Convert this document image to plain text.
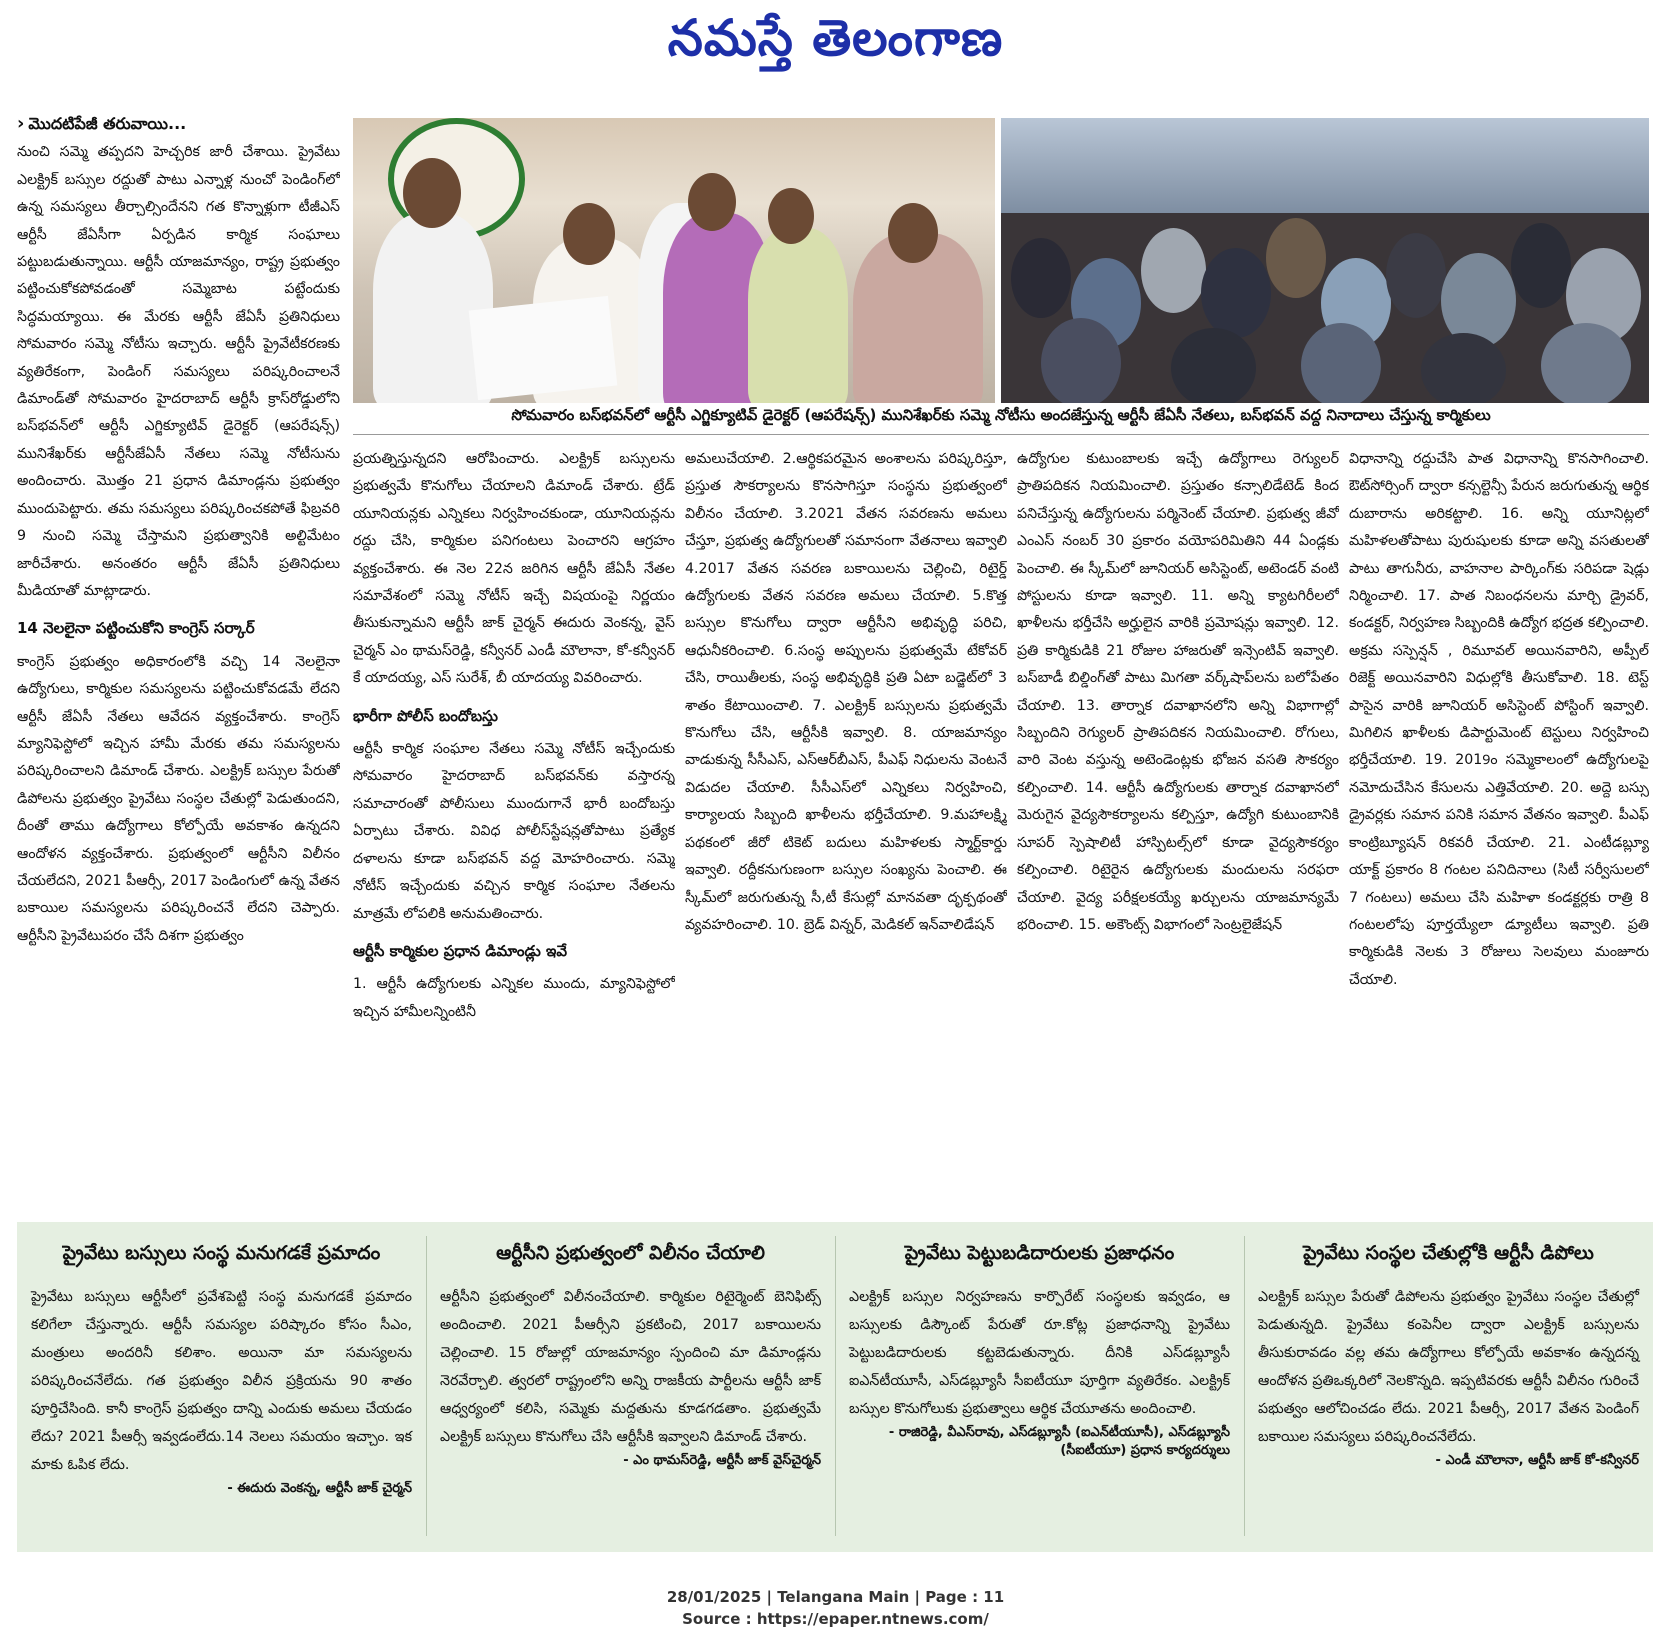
నమస్తే తెలంగాణ
› మొదటిపేజీ తరువాయి...

నుంచి సమ్మె తప్పదని హెచ్చరిక జారీ చేశాయి. ప్రైవేటు ఎలక్ట్రిక్ బస్సుల రద్దుతో పాటు ఎన్నాళ్ల నుంచో పెండింగ్‌లో ఉన్న సమస్యలు తీర్చాల్సిందేనని గత కొన్నాళ్లుగా టీజీఎస్ ఆర్టీసీ జేఏసీగా ఏర్పడిన కార్మిక సంఘాలు పట్టుబడుతున్నాయి. ఆర్టీసీ యాజమాన్యం, రాష్ట్ర ప్రభుత్వం పట్టించుకోకపోవడంతో సమ్మెబాట పట్టేందుకు సిద్ధమయ్యాయి. ఈ మేరకు ఆర్టీసీ జేఏసీ ప్రతినిధులు సోమవారం సమ్మె నోటీసు ఇచ్చారు. ఆర్టీసీ ప్రైవేటీకరణకు వ్యతిరేకంగా, పెండింగ్ సమస్యలు పరిష్కరించాలనే డిమాండ్‌తో సోమవారం హైదరాబాద్ ఆర్టీసీ క్రాస్‌రోడ్డులోని బస్‌భవన్‌లో ఆర్టీసీ ఎగ్జిక్యూటివ్ డైరెక్టర్ (ఆపరేషన్స్) మునిశేఖర్‌కు ఆర్టీసీజేఏసీ నేతలు సమ్మె నోటీసును అందించారు. మొత్తం 21 ప్రధాన డిమాండ్లను ప్రభుత్వం ముందుపెట్టారు. తమ సమస్యలు పరిష్కరించకపోతే ఫిబ్రవరి 9 నుంచి సమ్మె చేస్తామని ప్రభుత్వానికి అల్టిమేటం జారీచేశారు. అనంతరం ఆర్టీసీ జేఏసీ ప్రతినిధులు మీడియాతో మాట్లాడారు.

14 నెలలైనా పట్టించుకోని కాంగ్రెస్ సర్కార్

కాంగ్రెస్ ప్రభుత్వం అధికారంలోకి వచ్చి 14 నెలలైనా ఉద్యోగులు, కార్మికుల సమస్యలను పట్టించుకోవడమే లేదని ఆర్టీసీ జేఏసీ నేతలు ఆవేదన వ్యక్తంచేశారు. కాంగ్రెస్ మ్యానిఫెస్టోలో ఇచ్చిన హామీ మేరకు తమ సమస్యలను పరిష్కరించాలని డిమాండ్ చేశారు. ఎలక్ట్రిక్ బస్సుల పేరుతో డిపోలను ప్రభుత్వం ప్రైవేటు సంస్థల చేతుల్లో పెడుతుందని, దీంతో తాము ఉద్యోగాలు కోల్పోయే అవకాశం ఉన్నదని ఆందోళన వ్యక్తంచేశారు. ప్రభుత్వంలో ఆర్టీసీని విలీనం చేయలేదని, 2021 పీఆర్సీ, 2017 పెండింగులో ఉన్న వేతన బకాయిల సమస్యలను పరిష్కరించనే లేదని చెప్పారు. ఆర్టీసీని ప్రైవేటుపరం చేసే దిశగా ప్రభుత్వం

సోమవారం బస్‌భవన్‌లో ఆర్టీసీ ఎగ్జిక్యూటివ్ డైరెక్టర్ (ఆపరేషన్స్) మునిశేఖర్‌కు సమ్మె నోటీసు అందజేస్తున్న ఆర్టీసీ జేఏసీ నేతలు, బస్‌భవన్ వద్ద నినాదాలు చేస్తున్న కార్మికులు

ప్రయత్నిస్తున్నదని ఆరోపించారు. ఎలక్ట్రిక్ బస్సులను ప్రభుత్వమే కొనుగోలు చేయాలని డిమాండ్ చేశారు. ట్రేడ్ యూనియన్లకు ఎన్నికలు నిర్వహించకుండా, యూనియన్లను రద్దు చేసి, కార్మికుల పనిగంటలు పెంచారని ఆగ్రహం వ్యక్తంచేశారు. ఈ నెల 22న జరిగిన ఆర్టీసీ జేఏసీ నేతల సమావేశంలో సమ్మె నోటీస్ ఇచ్చే విషయంపై నిర్ణయం తీసుకున్నామని ఆర్టీసీ జాక్ చైర్మన్ ఈదురు వెంకన్న, వైస్ చైర్మన్ ఎం థామస్‌రెడ్డి, కన్వీనర్ ఎండీ మౌలానా, కో-కన్వీనర్ కే యాదయ్య, ఎస్ సురేశ్, బీ యాదయ్య వివరించారు.

భారీగా పోలీస్ బందోబస్తు

ఆర్టీసీ కార్మిక సంఘాల నేతలు సమ్మె నోటీస్ ఇచ్చేందుకు సోమవారం హైదరాబాద్ బస్‌భవన్‌కు వస్తారన్న సమాచారంతో పోలీసులు ముందుగానే భారీ బందోబస్తు ఏర్పాటు చేశారు. వివిధ పోలీస్‌స్టేషన్లతోపాటు ప్రత్యేక దళాలను కూడా బస్‌భవన్ వద్ద మోహరించారు. సమ్మె నోటీస్ ఇచ్చేందుకు వచ్చిన కార్మిక సంఘాల నేతలను మాత్రమే లోపలికి అనుమతించారు.

ఆర్టీసీ కార్మికుల ప్రధాన డిమాండ్లు ఇవే

1. ఆర్టీసీ ఉద్యోగులకు ఎన్నికల ముందు, మ్యానిఫెస్టోలో ఇచ్చిన హామీలన్నింటినీ

అమలుచేయాలి. 2.ఆర్థికపరమైన అంశాలను పరిష్కరిస్తూ, ప్రస్తుత సౌకర్యాలను కొనసాగిస్తూ సంస్థను ప్రభుత్వంలో విలీనం చేయాలి. 3.2021 వేతన సవరణను అమలు చేస్తూ, ప్రభుత్వ ఉద్యోగులతో సమానంగా వేతనాలు ఇవ్వాలి 4.2017 వేతన సవరణ బకాయిలను చెల్లించి, రిటైర్డ్ ఉద్యోగులకు వేతన సవరణ అమలు చేయాలి. 5.కొత్త బస్సుల కొనుగోలు ద్వారా ఆర్టీసీని అభివృద్ధి పరిచి, ఆధునీకరించాలి. 6.సంస్థ అప్పులను ప్రభుత్వమే టేకోవర్ చేసి, రాయితీలకు, సంస్థ అభివృద్ధికి ప్రతి ఏటా బడ్జెట్‌లో 3 శాతం కేటాయించాలి. 7. ఎలక్ట్రిక్ బస్సులను ప్రభుత్వమే కొనుగోలు చేసి, ఆర్టీసీకి ఇవ్వాలి. 8. యాజమాన్యం వాడుకున్న సీసీఎస్, ఎస్‌ఆర్‌బీఎస్, పీఎఫ్ నిధులను వెంటనే విడుదల చేయాలి. సీసీఎస్‌లో ఎన్నికలు నిర్వహించి, కార్యాలయ సిబ్బంది ఖాళీలను భర్తీచేయాలి. 9.మహాలక్ష్మి పథకంలో జీరో టికెట్ బదులు మహిళలకు స్మార్ట్‌కార్డు ఇవ్వాలి. రద్దీకనుగుణంగా బస్సుల సంఖ్యను పెంచాలి. ఈ స్కీమ్‌లో జరుగుతున్న సీ,టీ కేసుల్లో మానవతా దృక్పథంతో వ్యవహరించాలి. 10. బ్రెడ్ విన్నర్, మెడికల్ ఇన్‌వాలిడేషన్

ఉద్యోగుల కుటుంబాలకు ఇచ్చే ఉద్యోగాలు రెగ్యులర్ ప్రాతిపదికన నియమించాలి. ప్రస్తుతం కన్సాలిడేటెడ్ కింద పనిచేస్తున్న ఉద్యోగులను పర్మినెంట్ చేయాలి. ప్రభుత్వ జీవో ఎంఎస్ నంబర్ 30 ప్రకారం వయోపరిమితిని 44 ఏండ్లకు పెంచాలి. ఈ స్కీమ్‌లో జూనియర్ అసిస్టెంట్, అటెండర్ వంటి పోస్టులను కూడా ఇవ్వాలి. 11. అన్ని క్యాటగిరీలలో ఖాళీలను భర్తీచేసి అర్హులైన వారికి ప్రమోషన్లు ఇవ్వాలి. 12. ప్రతి కార్మికుడికి 21 రోజుల హాజరుతో ఇన్సెంటివ్ ఇవ్వాలి. బస్‌బాడీ బిల్డింగ్‌తో పాటు మిగతా వర్క్‌షాప్‌లను బలోపేతం చేయాలి. 13. తార్నాక దవాఖానలోని అన్ని విభాగాల్లో సిబ్బందిని రెగ్యులర్ ప్రాతిపదికన నియమించాలి. రోగులు, వారి వెంట వస్తున్న అటెండెంట్లకు భోజన వసతి సౌకర్యం కల్పించాలి. 14. ఆర్టీసీ ఉద్యోగులకు తార్నాక దవాఖానలో మెరుగైన వైద్యసౌకర్యాలను కల్పిస్తూ, ఉద్యోగి కుటుంబానికి సూపర్ స్పెషాలిటీ హాస్పిటల్స్‌లో కూడా వైద్యసౌకర్యం కల్పించాలి. రిటైరైన ఉద్యోగులకు మందులను సరఫరా చేయాలి. వైద్య పరీక్షలకయ్యే ఖర్చులను యాజమాన్యమే భరించాలి. 15. అకౌంట్స్ విభాగంలో సెంట్రలైజేషన్

విధానాన్ని రద్దుచేసి పాత విధానాన్ని కొనసాగించాలి. ఔట్‌సోర్సింగ్ ద్వారా కన్సల్టెన్సీ పేరున జరుగుతున్న ఆర్థిక దుబారాను అరికట్టాలి. 16. అన్ని యూనిట్లలో మహిళలతోపాటు పురుషులకు కూడా అన్ని వసతులతో పాటు తాగునీరు, వాహనాల పార్కింగ్‌కు సరిపడా షెడ్లు నిర్మించాలి. 17. పాత నిబంధనలను మార్చి డ్రైవర్, కండక్టర్, నిర్వహణ సిబ్బందికి ఉద్యోగ భద్రత కల్పించాలి. అక్రమ సస్పెన్షన్ , రిమూవల్ అయినవారిని, అప్పీల్ రిజెక్ట్ అయినవారిని విధుల్లోకి తీసుకోవాలి. 18. టెస్ట్ పాసైన వారికి జూనియర్ అసిస్టెంట్ పోస్టింగ్ ఇవ్వాలి. మిగిలిన ఖాళీలకు డిపార్టుమెంట్ టెస్టులు నిర్వహించి భర్తీచేయాలి. 19. 2019ం సమ్మెకాలంలో ఉద్యోగులపై నమోదుచేసిన కేసులను ఎత్తివేయాలి. 20. అద్దె బస్సు డ్రైవర్లకు సమాన పనికి సమాన వేతనం ఇవ్వాలి. పీఎఫ్ కాంట్రిబ్యూషన్ రికవరీ చేయాలి. 21. ఎంటీడబ్ల్యూ యాక్ట్ ప్రకారం 8 గంటల పనిదినాలు (సిటీ సర్వీసులలో 7 గంటలు) అమలు చేసి మహిళా కండక్టర్లకు రాత్రి 8 గంటలలోపు పూర్తయ్యేలా డ్యూటీలు ఇవ్వాలి. ప్రతి కార్మికుడికి నెలకు 3 రోజులు సెలవులు మంజూరు చేయాలి.

ప్రైవేటు బస్సులు సంస్థ మనుగడకే ప్రమాదం
ప్రైవేటు బస్సులు ఆర్టీసీలో ప్రవేశపెట్టి సంస్థ మనుగడకే ప్రమాదం కలిగేలా చేస్తున్నారు. ఆర్టీసీ సమస్యల పరిష్కారం కోసం సీఎం, మంత్రులు అందరినీ కలిశాం. అయినా మా సమస్యలను పరిష్కరించనేలేదు. గత ప్రభుత్వం విలీన ప్రక్రియను 90 శాతం పూర్తిచేసింది. కానీ కాంగ్రెస్ ప్రభుత్వం దాన్ని ఎందుకు అమలు చేయడం లేదు? 2021 పీఆర్సీ ఇవ్వడంలేదు.14 నెలలు సమయం ఇచ్చాం. ఇక మాకు ఓపిక లేదు.
- ఈదురు వెంకన్న, ఆర్టీసీ జాక్ చైర్మన్
ఆర్టీసీని ప్రభుత్వంలో విలీనం చేయాలి
ఆర్టీసీని ప్రభుత్వంలో విలీనంచేయాలి. కార్మికుల రిటైర్మెంట్ బెనిఫిట్స్ అందించాలి. 2021 పీఆర్సీని ప్రకటించి, 2017 బకాయిలను చెల్లించాలి. 15 రోజుల్లో యాజమాన్యం స్పందించి మా డిమాండ్లను నెరవేర్చాలి. త్వరలో రాష్ట్రంలోని అన్ని రాజకీయ పార్టీలను ఆర్టీసీ జాక్ ఆధ్వర్యంలో కలిసి, సమ్మెకు మద్దతును కూడగడతాం. ప్రభుత్వమే ఎలక్ట్రిక్ బస్సులు కొనుగోలు చేసి ఆర్టీసీకి ఇవ్వాలని డిమాండ్ చేశారు.
- ఎం థామస్‌రెడ్డి, ఆర్టీసీ జాక్ వైస్‌చైర్మన్
ప్రైవేటు పెట్టుబడిదారులకు ప్రజాధనం
ఎలక్ట్రిక్ బస్సుల నిర్వహణను కార్పొరేట్ సంస్థలకు ఇవ్వడం, ఆ బస్సులకు డిస్కౌంట్ పేరుతో రూ.కోట్ల ప్రజాధనాన్ని ప్రైవేటు పెట్టుబడిదారులకు కట్టబెడుతున్నారు. దీనికి ఎస్‌డబ్ల్యూసీ ఐఎన్‌టీయూసీ, ఎస్‌డబ్ల్యూసీ సీఐటీయూ పూర్తిగా వ్యతిరేకం. ఎలక్ట్రిక్ బస్సుల కొనుగోలుకు ప్రభుత్వాలు ఆర్థిక చేయూతను అందించాలి.
- రాజిరెడ్డి, వీఎస్‌రావు, ఎస్‌డబ్ల్యూసీ (ఐఎన్‌టీయూసీ), ఎస్‌డబ్ల్యూసీ (సీఐటీయూ) ప్రధాన కార్యదర్శులు
ప్రైవేటు సంస్థల చేతుల్లోకి ఆర్టీసీ డిపోలు
ఎలక్ట్రిక్ బస్సుల పేరుతో డిపోలను ప్రభుత్వం ప్రైవేటు సంస్థల చేతుల్లో పెడుతున్నది. ప్రైవేటు కంపెనీల ద్వారా ఎలక్ట్రిక్ బస్సులను తీసుకురావడం వల్ల తమ ఉద్యోగాలు కోల్పోయే అవకాశం ఉన్నదన్న ఆందోళన ప్రతిఒక్కరిలో నెలకొన్నది. ఇప్పటివరకు ఆర్టీసీ విలీనం గురించే పభుత్వం ఆలోచించడం లేదు. 2021 పీఆర్సీ, 2017 వేతన పెండింగ్ బకాయిల సమస్యలు పరిష్కరించనేలేదు.
- ఎండీ మౌలానా, ఆర్టీసీ జాక్ కో-కన్వీనర్
28/01/2025 | Telangana Main | Page : 11
Source : https://epaper.ntnews.com/
